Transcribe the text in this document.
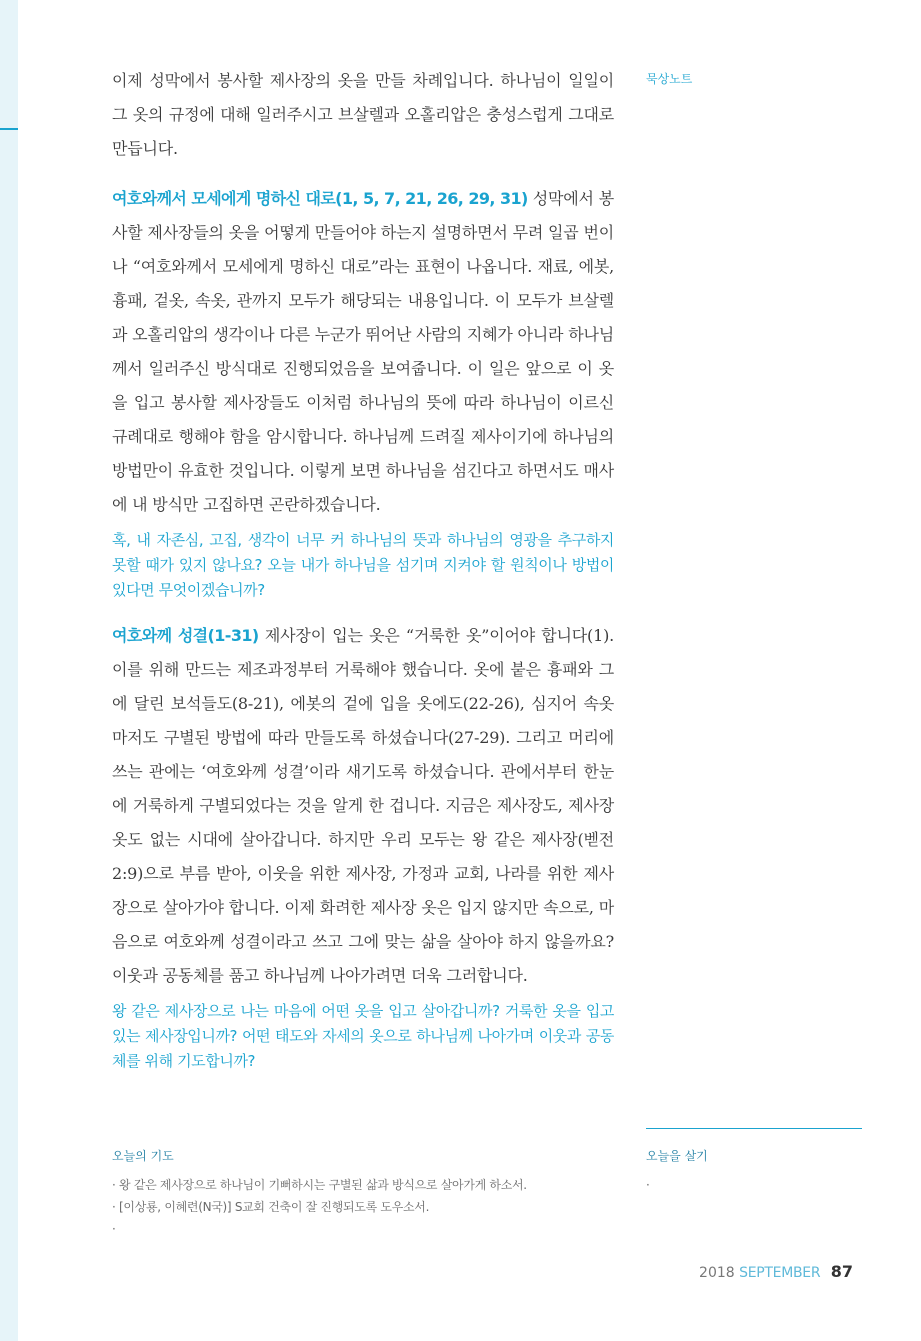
이제 성막에서 봉사할 제사장의 옷을 만들 차례입니다. 하나님이 일일이 그 옷의 규정에 대해 일러주시고 브살렐과 오홀리압은 충성스럽게 그대로 만듭니다.

여호와께서 모세에게 명하신 대로(1, 5, 7, 21, 26, 29, 31) 성막에서 봉사할 제사장들의 옷을 어떻게 만들어야 하는지 설명하면서 무려 일곱 번이나 “여호와께서 모세에게 명하신 대로”라는 표현이 나옵니다. 재료, 에봇, 흉패, 겉옷, 속옷, 관까지 모두가 해당되는 내용입니다. 이 모두가 브살렐과 오홀리압의 생각이나 다른 누군가 뛰어난 사람의 지혜가 아니라 하나님께서 일러주신 방식대로 진행되었음을 보여줍니다. 이 일은 앞으로 이 옷을 입고 봉사할 제사장들도 이처럼 하나님의 뜻에 따라 하나님이 이르신 규례대로 행해야 함을 암시합니다. 하나님께 드려질 제사이기에 하나님의 방법만이 유효한 것입니다. 이렇게 보면 하나님을 섬긴다고 하면서도 매사에 내 방식만 고집하면 곤란하겠습니다.

혹, 내 자존심, 고집, 생각이 너무 커 하나님의 뜻과 하나님의 영광을 추구하지 못할 때가 있지 않나요? 오늘 내가 하나님을 섬기며 지켜야 할 원칙이나 방법이 있다면 무엇이겠습니까?

여호와께 성결(1-31) 제사장이 입는 옷은 “거룩한 옷”이어야 합니다(1). 이를 위해 만드는 제조과정부터 거룩해야 했습니다. 옷에 붙은 흉패와 그에 달린 보석들도(8-21), 에봇의 겉에 입을 옷에도(22-26), 심지어 속옷마저도 구별된 방법에 따라 만들도록 하셨습니다(27-29). 그리고 머리에 쓰는 관에는 ‘여호와께 성결’이라 새기도록 하셨습니다. 관에서부터 한눈에 거룩하게 구별되었다는 것을 알게 한 겁니다. 지금은 제사장도, 제사장 옷도 없는 시대에 살아갑니다. 하지만 우리 모두는 왕 같은 제사장(벧전 2:9)으로 부름 받아, 이웃을 위한 제사장, 가정과 교회, 나라를 위한 제사장으로 살아가야 합니다. 이제 화려한 제사장 옷은 입지 않지만 속으로, 마음으로 여호와께 성결이라고 쓰고 그에 맞는 삶을 살아야 하지 않을까요? 이웃과 공동체를 품고 하나님께 나아가려면 더욱 그러합니다.

왕 같은 제사장으로 나는 마음에 어떤 옷을 입고 살아갑니까? 거룩한 옷을 입고 있는 제사장입니까? 어떤 태도와 자세의 옷으로 하나님께 나아가며 이웃과 공동체를 위해 기도합니까?

묵상노트
오늘의 기도
· 왕 같은 제사장으로 하나님이 기뻐하시는 구별된 삶과 방식으로 살아가게 하소서.
· [이상룡, 이혜련(N국)] S교회 건축이 잘 진행되도록 도우소서.
·
오늘을 살기
·
2018 SEPTEMBER 87
